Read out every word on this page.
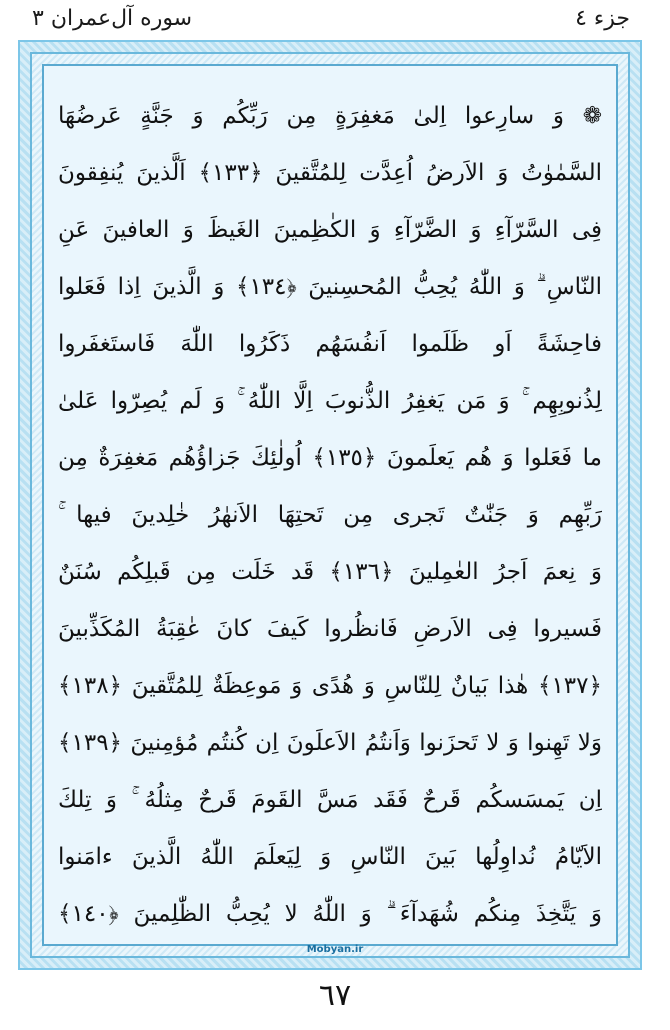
جزء ٤
سوره آل‌عمران ٣
❁ وَ سارِعوا اِلىٰ مَغفِرَةٍ مِن رَبِّكُم وَ جَنَّةٍ عَرضُهَا
السَّمٰوٰتُ وَ الاَرضُ اُعِدَّت لِلمُتَّقينَ ﴿١٣٣﴾ اَلَّذينَ يُنفِقونَ
فِى السَّرّآءِ وَ الضَّرّآءِ وَ الكٰظِمينَ الغَيظَ وَ العافينَ عَنِ
النّاسِ ۗ وَ اللّٰهُ يُحِبُّ المُحسِنينَ ﴿١٣٤﴾ وَ الَّذينَ اِذا فَعَلوا
فاحِشَةً اَو ظَلَموا اَنفُسَهُم ذَكَرُوا اللّٰهَ فَاستَغفَروا
لِذُنوبِهِم ۚ وَ مَن يَغفِرُ الذُّنوبَ اِلَّا اللّٰهُ ۚ وَ لَم يُصِرّوا عَلىٰ
ما فَعَلوا وَ هُم يَعلَمونَ ﴿١٣٥﴾ اُولٰئِكَ جَزاؤُهُم مَغفِرَةٌ مِن
رَبِّهِم وَ جَنّٰتٌ تَجرى مِن تَحتِهَا الاَنهٰرُ خٰلِدينَ فيها ۚ
وَ نِعمَ اَجرُ العٰمِلينَ ﴿١٣٦﴾ قَد خَلَت مِن قَبلِكُم سُنَنٌ
فَسيروا فِى الاَرضِ فَانظُروا كَيفَ كانَ عٰقِبَةُ المُكَذِّبينَ
﴿١٣٧﴾ هٰذا بَيانٌ لِلنّاسِ وَ هُدًى وَ مَوعِظَةٌ لِلمُتَّقينَ ﴿١٣٨﴾
وَلا تَهِنوا وَ لا تَحزَنوا وَاَنتُمُ الاَعلَونَ اِن كُنتُم مُؤمِنينَ ﴿١٣٩﴾
اِن يَمسَسكُم قَرحٌ فَقَد مَسَّ القَومَ قَرحٌ مِثلُهُ ۚ وَ تِلكَ
الاَيّامُ نُداوِلُها بَينَ النّاسِ وَ لِيَعلَمَ اللّٰهُ الَّذينَ ءامَنوا
وَ يَتَّخِذَ مِنكُم شُهَدآءَ ۗ وَ اللّٰهُ لا يُحِبُّ الظّٰلِمينَ ﴿١٤٠﴾
Mobyan.ir
٦٧
